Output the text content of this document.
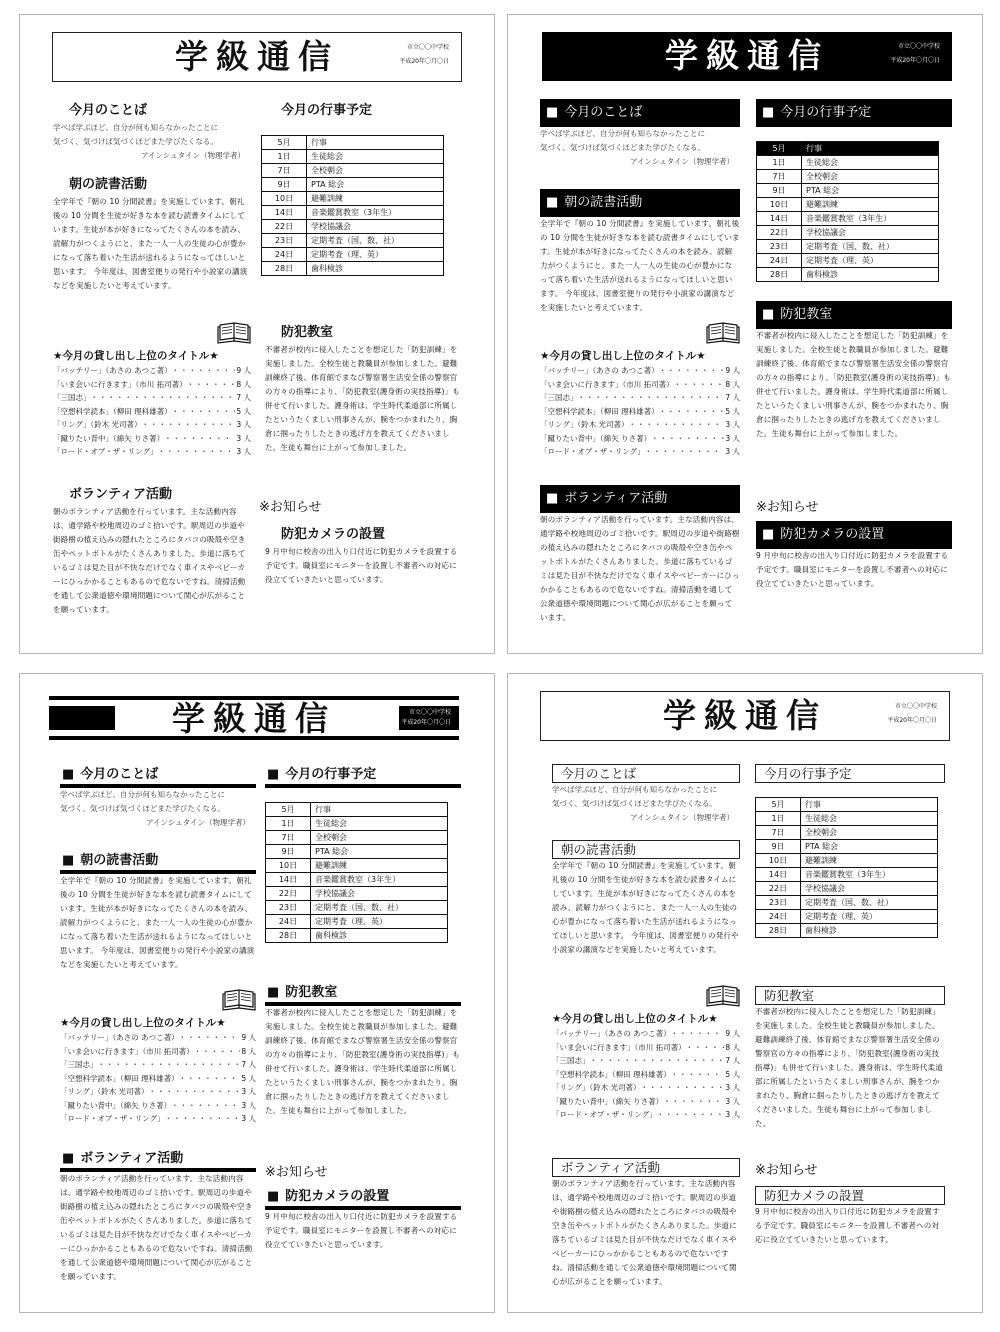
学級通信	市立〇〇中学校
平成20年〇月〇日
今月のことば

学べば学ぶほど、自分が何も知らなかったことに

気づく、気づけば気づくほどまた学びたくなる。

アインシュタイン（物理学者）

朝の読書活動

全学年で『朝の 10 分間読書』を実施しています。朝礼後の 10 分間を生徒が好きな本を読む読書タイムにしています。生徒が本が好きになってたくさんの本を読み、読解力がつくようにと、また一人一人の生徒の心が豊かになって落ち着いた生活が送れるようになってほしいと思います。 今年度は、図書室便りの発行や小説家の講演などを実施したいと考えています。

★今月の貸し出し上位のタイトル★

「バッテリー」（あさの あつこ著） ・・・・・・・・・・・・・・・・・・・・・・・・・・・・・・・・・・・・・・	9 人
「いま会いに行きます」（市川 拓司著） ・・・・・・・・・・・・・・・・・・・・・・・・・・・・・・・・・・・・・・	8 人
「三国志」 ・・・・・・・・・・・・・・・・・・・・・・・・・・・・・・・・・・・・・・	7 人
「空想科学読本」（柳田 理科雄著） ・・・・・・・・・・・・・・・・・・・・・・・・・・・・・・・・・・・・・・	5 人
「リング」（鈴木 光司著） ・・・・・・・・・・・・・・・・・・・・・・・・・・・・・・・・・・・・・・	3 人
「蹴りたい背中」（綿矢 りさ著） ・・・・・・・・・・・・・・・・・・・・・・・・・・・・・・・・・・・・・・	3 人
「ロード・オブ・ザ・リング」 ・・・・・・・・・・・・・・・・・・・・・・・・・・・・・・・・・・・・・・	3 人
ボランティア活動

朝のボランティア活動を行っています。主な活動内容は、通学路や校地周辺のゴミ拾いです。駅周辺の歩道や街路樹の植え込みの隠れたところにタバコの吸殻や空き缶やペットボトルがたくさんありました。歩道に落ちているゴミは見た目が不快なだけでなく車イスやベビーカーにひっかかることもあるので危ないですね。清掃活動を通して公衆道徳や環境問題について関心が広がることを願っています。

今月の行事予定
5月	行事
1日	生徒総会
7日	全校朝会
9日	PTA 総会
10日	避難訓練
14日	音楽鑑賞教室（3年生）
22日	学校協議会
23日	定期考査（国、数、社）
24日	定期考査（理、英）
28日	歯科検診
防犯教室

不審者が校内に侵入したことを想定した「防犯訓練」を実施しました。全校生徒と教職員が参加しました。避難訓練終了後、体育館でまなび警察署生活安全係の警察官の方々の指導により、「防犯教室(護身術の実技指導)」も併せて行いました。護身術は、学生時代柔道部に所属したというたくましい刑事さんが、腕をつかまれたり、胸倉に掴ったりしたときの逃げ方を教えてくださいました。生徒も舞台に上がって参加しました。

※お知らせ

防犯カメラの設置

9 月中旬に校舎の出入り口付近に防犯カメラを設置する予定です。職員室にモニターを設置し不審者への対応に役立てていきたいと思っています。

学級通信	市立〇〇中学校
平成20年〇月〇日
■ 今月のことば

学べば学ぶほど、自分が何も知らなかったことに

気づく、気づけば気づくほどまた学びたくなる。

アインシュタイン（物理学者）

■ 朝の読書活動

全学年で『朝の 10 分間読書』を実施しています。朝礼後の 10 分間を生徒が好きな本を読む読書タイムにしています。生徒が本が好きになってたくさんの本を読み、読解力がつくようにと、また一人一人の生徒の心が豊かになって落ち着いた生活が送れるようになってほしいと思います。 今年度は、図書室便りの発行や小説家の講演などを実施したいと考えています。

★今月の貸し出し上位のタイトル★

「バッテリー」（あさの あつこ著） ・・・・・・・・・・・・・・・・・・・・・・・・・・・・・・・・・・・・・・	9 人
「いま会いに行きます」（市川 拓司著） ・・・・・・・・・・・・・・・・・・・・・・・・・・・・・・・・・・・・・・	8 人
「三国志」 ・・・・・・・・・・・・・・・・・・・・・・・・・・・・・・・・・・・・・・	7 人
「空想科学読本」（柳田 理科雄著） ・・・・・・・・・・・・・・・・・・・・・・・・・・・・・・・・・・・・・・	5 人
「リング」（鈴木 光司著） ・・・・・・・・・・・・・・・・・・・・・・・・・・・・・・・・・・・・・・	3 人
「蹴りたい背中」（綿矢 りさ著） ・・・・・・・・・・・・・・・・・・・・・・・・・・・・・・・・・・・・・・	3 人
「ロード・オブ・ザ・リング」 ・・・・・・・・・・・・・・・・・・・・・・・・・・・・・・・・・・・・・・	3 人
■ ボランティア活動

朝のボランティア活動を行っています。主な活動内容は、通学路や校地周辺のゴミ拾いです。駅周辺の歩道や街路樹の植え込みの隠れたところにタバコの吸殻や空き缶やペットボトルがたくさんありました。歩道に落ちているゴミは見た目が不快なだけでなく車イスやベビーカーにひっかかることもあるので危ないですね。清掃活動を通して公衆道徳や環境問題について関心が広がることを願っています。

■ 今月の行事予定
5月	行事
1日	生徒総会
7日	全校朝会
9日	PTA 総会
10日	避難訓練
14日	音楽鑑賞教室（3年生）
22日	学校協議会
23日	定期考査（国、数、社）
24日	定期考査（理、英）
28日	歯科検診
■ 防犯教室

不審者が校内に侵入したことを想定した「防犯訓練」を実施しました。全校生徒と教職員が参加しました。避難訓練終了後、体育館でまなび警察署生活安全係の警察官の方々の指導により、「防犯教室(護身術の実技指導)」も併せて行いました。護身術は、学生時代柔道部に所属したというたくましい刑事さんが、腕をつかまれたり、胸倉に掴ったりしたときの逃げ方を教えてくださいました。生徒も舞台に上がって参加しました。

※お知らせ

■ 防犯カメラの設置

9 月中旬に校舎の出入り口付近に防犯カメラを設置する予定です。職員室にモニターを設置し不審者への対応に役立てていきたいと思っています。

学級通信	市立〇〇中学校
平成20年〇月〇日
■ 今月のことば

学べば学ぶほど、自分が何も知らなかったことに

気づく、気づけば気づくほどまた学びたくなる。

アインシュタイン（物理学者）

■ 朝の読書活動

全学年で『朝の 10 分間読書』を実施しています。朝礼後の 10 分間を生徒が好きな本を読む読書タイムにしています。生徒が本が好きになってたくさんの本を読み、読解力がつくようにと、また一人一人の生徒の心が豊かになって落ち着いた生活が送れるようになってほしいと思います。 今年度は、図書室便りの発行や小説家の講演などを実施したいと考えています。

★今月の貸し出し上位のタイトル★

「バッテリー」（あさの あつこ著） ・・・・・・・・・・・・・・・・・・・・・・・・・・・・・・・・・・・・・・	9 人
「いま会いに行きます」（市川 拓司著） ・・・・・・・・・・・・・・・・・・・・・・・・・・・・・・・・・・・・・・	8 人
「三国志」 ・・・・・・・・・・・・・・・・・・・・・・・・・・・・・・・・・・・・・・	7 人
「空想科学読本」（柳田 理科雄著） ・・・・・・・・・・・・・・・・・・・・・・・・・・・・・・・・・・・・・・	5 人
「リング」（鈴木 光司著） ・・・・・・・・・・・・・・・・・・・・・・・・・・・・・・・・・・・・・・	3 人
「蹴りたい背中」（綿矢 りさ著） ・・・・・・・・・・・・・・・・・・・・・・・・・・・・・・・・・・・・・・	3 人
「ロード・オブ・ザ・リング」 ・・・・・・・・・・・・・・・・・・・・・・・・・・・・・・・・・・・・・・	3 人
■ ボランティア活動

朝のボランティア活動を行っています。主な活動内容は、通学路や校地周辺のゴミ拾いです。駅周辺の歩道や街路樹の植え込みの隠れたところにタバコの吸殻や空き缶やペットボトルがたくさんありました。歩道に落ちているゴミは見た目が不快なだけでなく車イスやベビーカーにひっかかることもあるので危ないですね。清掃活動を通して公衆道徳や環境問題について関心が広がることを願っています。

■ 今月の行事予定
5月	行事
1日	生徒総会
7日	全校朝会
9日	PTA 総会
10日	避難訓練
14日	音楽鑑賞教室（3年生）
22日	学校協議会
23日	定期考査（国、数、社）
24日	定期考査（理、英）
28日	歯科検診
■ 防犯教室

不審者が校内に侵入したことを想定した「防犯訓練」を実施しました。全校生徒と教職員が参加しました。避難訓練終了後、体育館でまなび警察署生活安全係の警察官の方々の指導により、「防犯教室(護身術の実技指導)」も併せて行いました。護身術は、学生時代柔道部に所属したというたくましい刑事さんが、腕をつかまれたり、胸倉に掴ったりしたときの逃げ方を教えてくださいました。生徒も舞台に上がって参加しました。

※お知らせ

■ 防犯カメラの設置

9 月中旬に校舎の出入り口付近に防犯カメラを設置する予定です。職員室にモニターを設置し不審者への対応に役立てていきたいと思っています。

学級通信	市立〇〇中学校
平成20年〇月〇日
今月のことば

学べば学ぶほど、自分が何も知らなかったことに

気づく、気づけば気づくほどまた学びたくなる。

アインシュタイン（物理学者）

朝の読書活動

全学年で『朝の 10 分間読書』を実施しています。朝礼後の 10 分間を生徒が好きな本を読む読書タイムにしています。生徒が本が好きになってたくさんの本を読み、読解力がつくようにと、また一人一人の生徒の心が豊かになって落ち着いた生活が送れるようになってほしいと思います。 今年度は、図書室便りの発行や小説家の講演などを実施したいと考えています。

★今月の貸し出し上位のタイトル★

「バッテリー」（あさの あつこ著） ・・・・・・・・・・・・・・・・・・・・・・・・・・・・・・・・・・・・・・	9 人
「いま会いに行きます」（市川 拓司著） ・・・・・・・・・・・・・・・・・・・・・・・・・・・・・・・・・・・・・・	8 人
「三国志」 ・・・・・・・・・・・・・・・・・・・・・・・・・・・・・・・・・・・・・・	7 人
「空想科学読本」（柳田 理科雄著） ・・・・・・・・・・・・・・・・・・・・・・・・・・・・・・・・・・・・・・	5 人
「リング」（鈴木 光司著） ・・・・・・・・・・・・・・・・・・・・・・・・・・・・・・・・・・・・・・	3 人
「蹴りたい背中」（綿矢 りさ著） ・・・・・・・・・・・・・・・・・・・・・・・・・・・・・・・・・・・・・・	3 人
「ロード・オブ・ザ・リング」 ・・・・・・・・・・・・・・・・・・・・・・・・・・・・・・・・・・・・・・	3 人
ボランティア活動

朝のボランティア活動を行っています。主な活動内容は、通学路や校地周辺のゴミ拾いです。駅周辺の歩道や街路樹の植え込みの隠れたところにタバコの吸殻や空き缶やペットボトルがたくさんありました。歩道に落ちているゴミは見た目が不快なだけでなく車イスやベビーカーにひっかかることもあるので危ないですね。清掃活動を通して公衆道徳や環境問題について関心が広がることを願っています。

今月の行事予定
5月	行事
1日	生徒総会
7日	全校朝会
9日	PTA 総会
10日	避難訓練
14日	音楽鑑賞教室（3年生）
22日	学校協議会
23日	定期考査（国、数、社）
24日	定期考査（理、英）
28日	歯科検診
防犯教室

不審者が校内に侵入したことを想定した「防犯訓練」を実施しました。全校生徒と教職員が参加しました。避難訓練終了後、体育館でまなび警察署生活安全係の警察官の方々の指導により、「防犯教室(護身術の実技指導)」も併せて行いました。護身術は、学生時代柔道部に所属したというたくましい刑事さんが、腕をつかまれたり、胸倉に掴ったりしたときの逃げ方を教えてくださいました。生徒も舞台に上がって参加しました。

※お知らせ

防犯カメラの設置

9 月中旬に校舎の出入り口付近に防犯カメラを設置する予定です。職員室にモニターを設置し不審者への対応に役立てていきたいと思っています。
